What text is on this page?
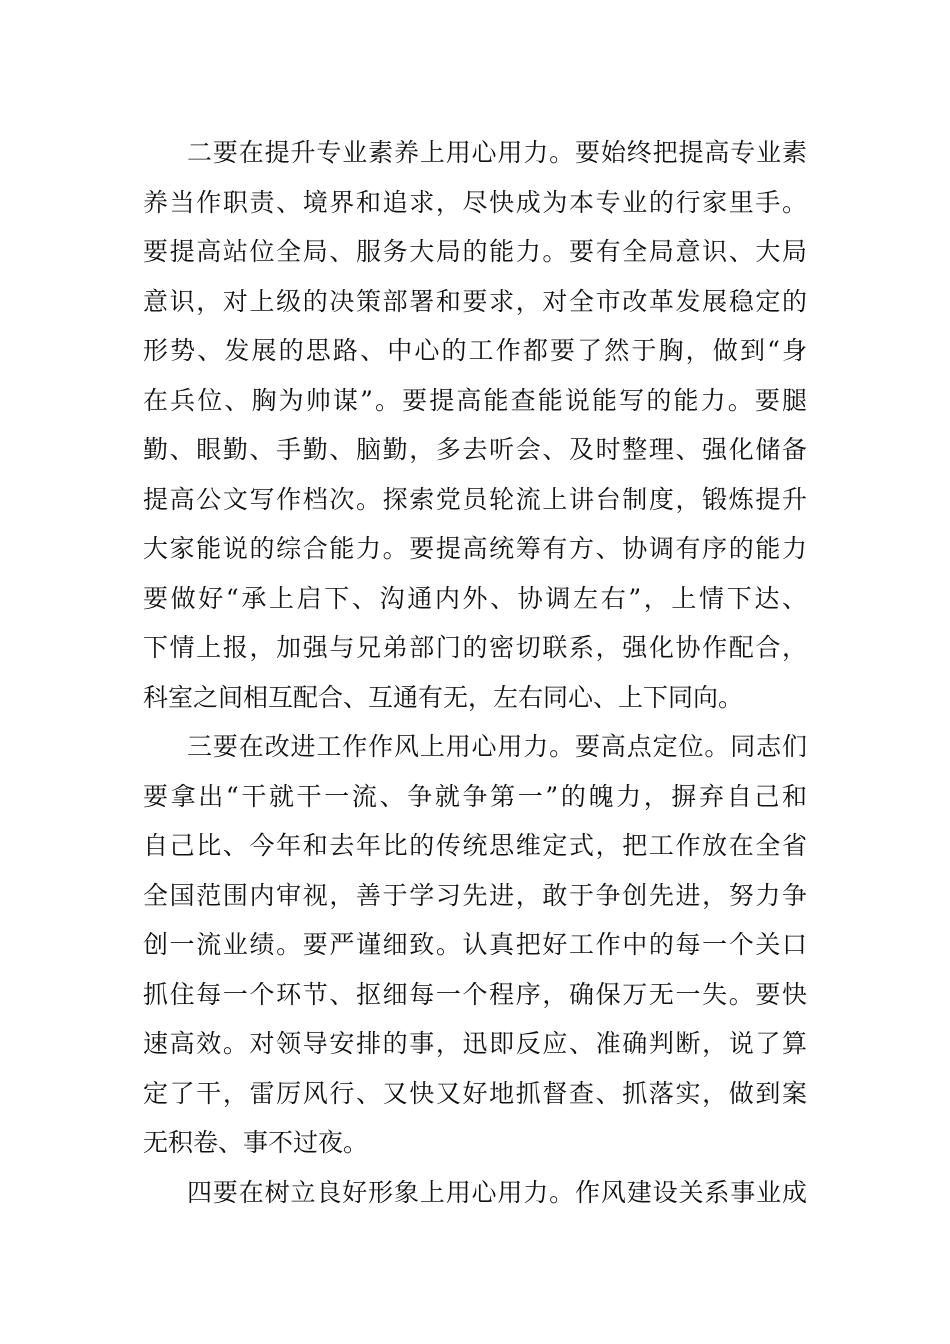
二要在提升专业素养上用心用力。要始终把提高专业素
养当作职责、境界和追求，尽快成为本专业的行家里手。
要提高站位全局、服务大局的能力。要有全局意识、大局
意识，对上级的决策部署和要求，对全市改革发展稳定的
形势、发展的思路、中心的工作都要了然于胸，做到“身
在兵位、胸为帅谋”。要提高能查能说能写的能力。要腿
勤、眼勤、手勤、脑勤，多去听会、及时整理、强化储备
提高公文写作档次。探索党员轮流上讲台制度，锻炼提升
大家能说的综合能力。要提高统筹有方、协调有序的能力
要做好“承上启下、沟通内外、协调左右”，上情下达、
下情上报，加强与兄弟部门的密切联系，强化协作配合，
科室之间相互配合、互通有无，左右同心、上下同向。
三要在改进工作作风上用心用力。要高点定位。同志们
要拿出“干就干一流、争就争第一”的魄力，摒弃自己和
自己比、今年和去年比的传统思维定式，把工作放在全省
全国范围内审视，善于学习先进，敢于争创先进，努力争
创一流业绩。要严谨细致。认真把好工作中的每一个关口
抓住每一个环节、抠细每一个程序，确保万无一失。要快
速高效。对领导安排的事，迅即反应、准确判断，说了算
定了干，雷厉风行、又快又好地抓督查、抓落实，做到案
无积卷、事不过夜。
四要在树立良好形象上用心用力。作风建设关系事业成
